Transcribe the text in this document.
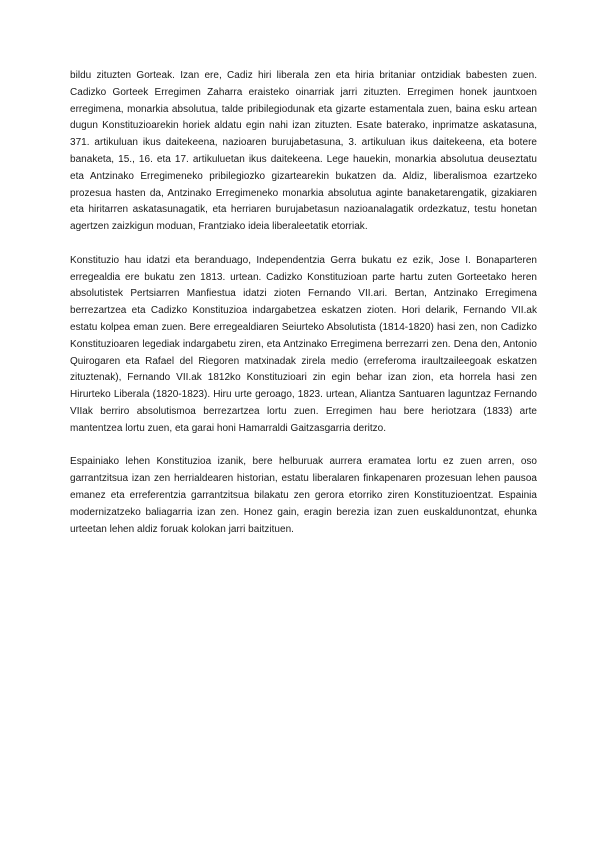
bildu zituzten Gorteak. Izan ere, Cadiz hiri liberala zen eta hiria britaniar ontzidiak babesten zuen. Cadizko Gorteek Erregimen Zaharra eraisteko oinarriak jarri zituzten. Erregimen honek jauntxoen erregimena, monarkia absolutua, talde pribilegiodunak eta gizarte estamentala zuen, baina esku artean dugun Konstituzioarekin horiek aldatu egin nahi izan zituzten. Esate baterako, inprimatze askatasuna, 371. artikuluan ikus daitekeena, nazioaren burujabetasuna, 3. artikuluan ikus daitekeena, eta botere banaketa, 15., 16. eta 17. artikuluetan ikus daitekeena. Lege hauekin, monarkia absolutua deuseztatu eta Antzinako Erregimeneko pribilegiozko gizartearekin bukatzen da. Aldiz, liberalismoa ezartzeko prozesua hasten da, Antzinako Erregimeneko monarkia absolutua aginte banaketarengatik, gizakiaren eta hiritarren askatasunagatik, eta herriaren burujabetasun nazioanalagatik ordezkatuz, testu honetan agertzen zaizkigun moduan, Frantziako ideia liberaleetatik etorriak.

Konstituzio hau idatzi eta beranduago, Independentzia Gerra bukatu ez ezik, Jose I. Bonaparteren erregealdia ere bukatu zen 1813. urtean. Cadizko Konstituzioan parte hartu zuten Gorteetako heren absolutistek Pertsiarren Manfiestua idatzi zioten Fernando VII.ari. Bertan, Antzinako Erregimena berrezartzea eta Cadizko Konstituzioa indargabetzea eskatzen zioten. Hori delarik, Fernando VII.ak estatu kolpea eman zuen. Bere erregealdiaren Seiurteko Absolutista (1814-1820) hasi zen, non Cadizko Konstituzioaren legediak indargabetu ziren, eta Antzinako Erregimena berrezarri zen. Dena den, Antonio Quirogaren eta Rafael del Riegoren matxinadak zirela medio (erreferoma iraultzaileegoak eskatzen zituztenak), Fernando VII.ak 1812ko Konstituzioari zin egin behar izan zion, eta horrela hasi zen Hirurteko Liberala (1820-1823). Hiru urte geroago, 1823. urtean, Aliantza Santuaren laguntzaz Fernando VIIak berriro absolutismoa berrezartzea lortu zuen. Erregimen hau bere heriotzara (1833) arte mantentzea lortu zuen, eta garai honi Hamarraldi Gaitzasgarria deritzo.

Espainiako lehen Konstituzioa izanik, bere helburuak aurrera eramatea lortu ez zuen arren, oso garrantzitsua izan zen herrialdearen historian, estatu liberalaren finkapenaren prozesuan lehen pausoa emanez eta erreferentzia garrantzitsua bilakatu zen gerora etorriko ziren Konstituzioentzat. Espainia modernizatzeko baliagarria izan zen. Honez gain, eragin berezia izan zuen euskaldunontzat, ehunka urteetan lehen aldiz foruak kolokan jarri baitzituen.
